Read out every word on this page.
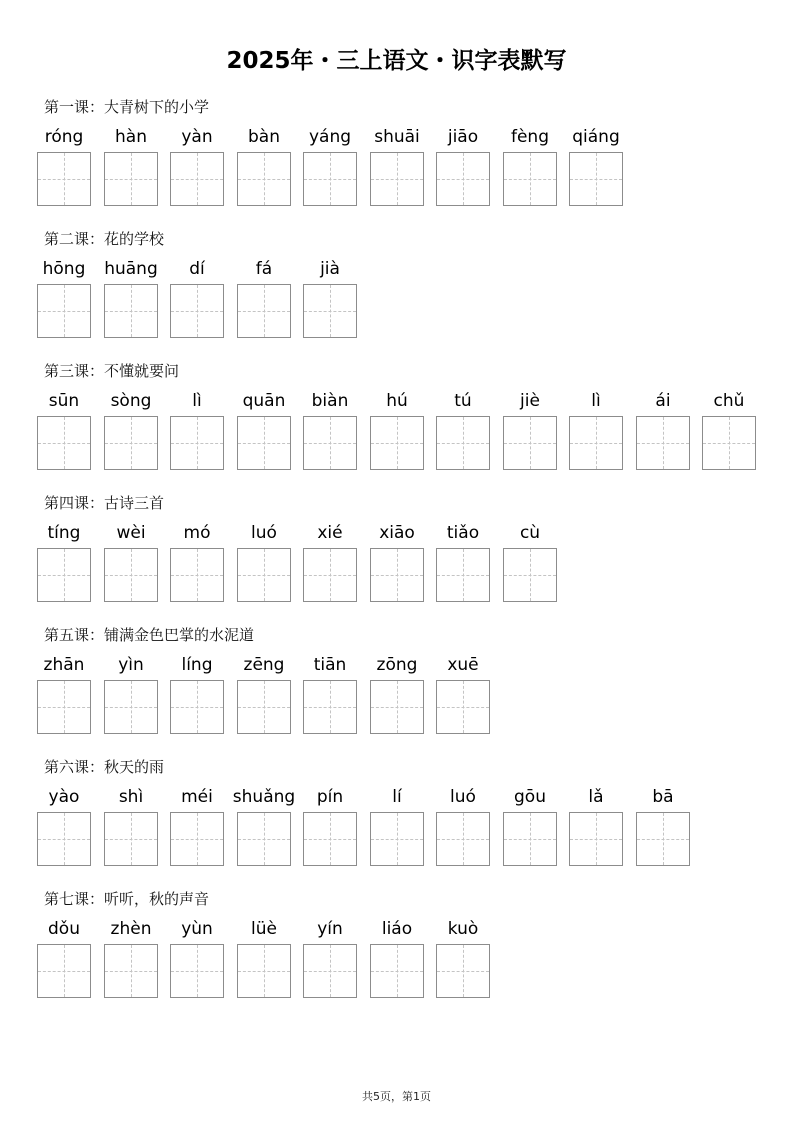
2025年・三上语文・识字表默写
第一课：大青树下的小学
róng	hàn	yàn	bàn	yáng	shuāi	jiāo	fèng	qiáng
第二课：花的学校
hōng	huāng	dí	fá	jià
第三课：不懂就要问
sūn	sòng	lì	quān	biàn	hú	tú	jiè	lì	ái	chǔ
第四课：古诗三首
tíng	wèi	mó	luó	xié	xiāo	tiǎo	cù
第五课：铺满金色巴掌的水泥道
zhān	yìn	líng	zēng	tiān	zōng	xuē
第六课：秋天的雨
yào	shì	méi	shuǎng	pín	lí	luó	gōu	lǎ	bā
第七课：听听，秋的声音
dǒu	zhèn	yùn	lüè	yín	liáo	kuò
共5页，第1页
